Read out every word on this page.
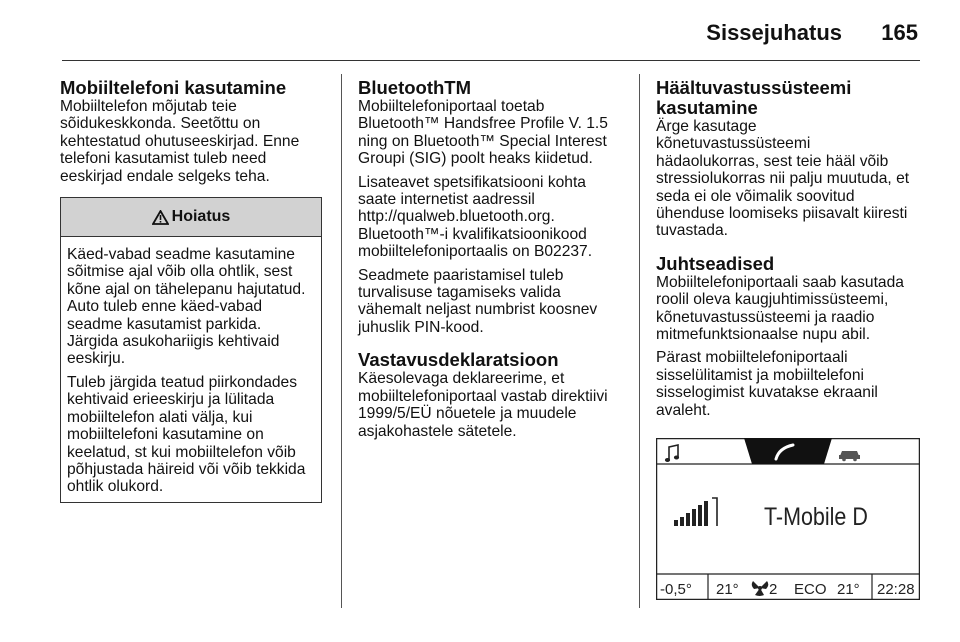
Sissejuhatus 165
Mobiiltelefoni kasutamine

Mobiiltelefon mõjutab teie
sõidukeskkonda. Seetõttu on
kehtestatud ohutuseeskirjad. Enne
telefoni kasutamist tuleb need
eeskirjad endale selgeks teha.

Hoiatus

Käed-vabad seadme kasutamine
sõitmise ajal võib olla ohtlik, sest
kõne ajal on tähelepanu hajutatud.
Auto tuleb enne käed-vabad
seadme kasutamist parkida.
Järgida asukohariigis kehtivaid
eeskirju.

Tuleb järgida teatud piirkondades
kehtivaid erieeskirju ja lülitada
mobiiltelefon alati välja, kui
mobiiltelefoni kasutamine on
keelatud, st kui mobiiltelefon võib
põhjustada häireid või võib tekkida
ohtlik olukord.

BluetoothTM

Mobiiltelefoniportaal toetab
Bluetooth™ Handsfree Profile V. 1.5
ning on Bluetooth™ Special Interest
Groupi (SIG) poolt heaks kiidetud.

Lisateavet spetsifikatsiooni kohta
saate internetist aadressil
http://qualweb.bluetooth.org.
Bluetooth™-i kvalifikatsioonikood
mobiiltelefoniportaalis on B02237.

Seadmete paaristamisel tuleb
turvalisuse tagamiseks valida
vähemalt neljast numbrist koosnev
juhuslik PIN-kood.

Vastavusdeklaratsioon

Käesolevaga deklareerime, et
mobiiltelefoniportaal vastab direktiivi
1999/5/EÜ nõuetele ja muudele
asjakohastele sätetele.

Häältuvastussüsteemi
kasutamine

Ärge kasutage
kõnetuvastussüsteemi
hädaolukorras, sest teie hääl võib
stressiolukorras nii palju muutuda, et
seda ei ole võimalik soovitud
ühenduse loomiseks piisavalt kiiresti
tuvastada.

Juhtseadised

Mobiiltelefoniportaali saab kasutada
roolil oleva kaugjuhtimissüsteemi,
kõnetuvastussüsteemi ja raadio
mitmefunktsionaalse nupu abil.

Pärast mobiiltelefoniportaali
sisselülitamist ja mobiiltelefoni
sisselogimist kuvatakse ekraanil
avaleht.

T-Mobile D
-0,5° 21° 2 ECO 21° 22:28
